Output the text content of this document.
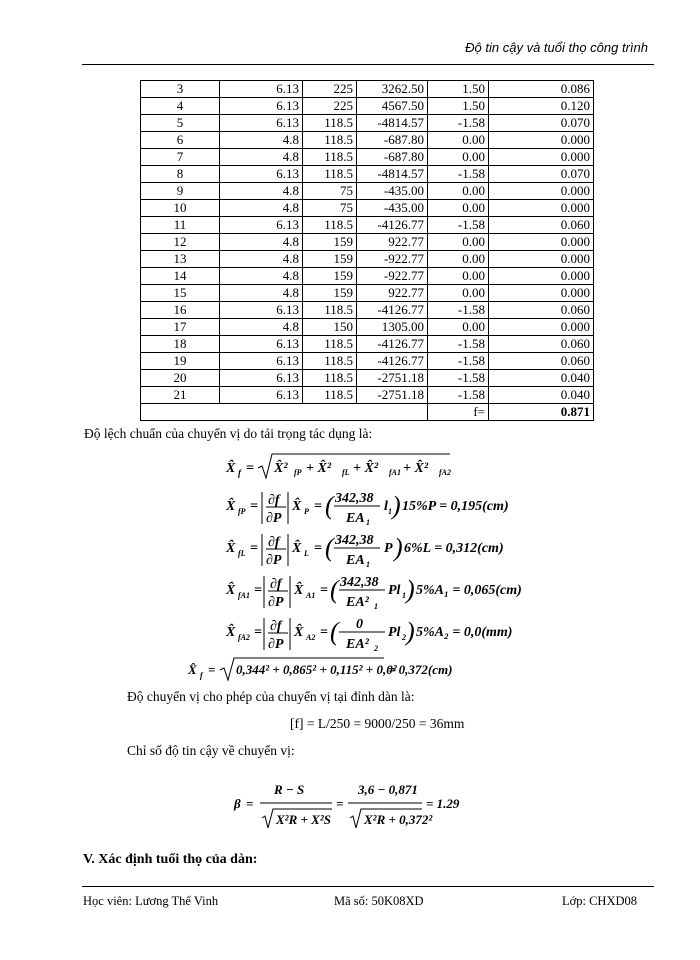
Độ tin cậy và tuổi thọ công trình
3	6.13	225	3262.50	1.50	0.086
4	6.13	225	4567.50	1.50	0.120
5	6.13	118.5	-4814.57	-1.58	0.070
6	4.8	118.5	-687.80	0.00	0.000
7	4.8	118.5	-687.80	0.00	0.000
8	6.13	118.5	-4814.57	-1.58	0.070
9	4.8	75	-435.00	0.00	0.000
10	4.8	75	-435.00	0.00	0.000
11	6.13	118.5	-4126.77	-1.58	0.060
12	4.8	159	922.77	0.00	0.000
13	4.8	159	-922.77	0.00	0.000
14	4.8	159	-922.77	0.00	0.000
15	4.8	159	922.77	0.00	0.000
16	6.13	118.5	-4126.77	-1.58	0.060
17	4.8	150	1305.00	0.00	0.000
18	6.13	118.5	-4126.77	-1.58	0.060
19	6.13	118.5	-4126.77	-1.58	0.060
20	6.13	118.5	-2751.18	-1.58	0.040
21	6.13	118.5	-2751.18	-1.58	0.040
				f=	0.871
Độ lệch chuẩn của chuyển vị do tải trọng tác dụng là:
X̂ f = X̂² fP + X̂² fL + X̂² fA1 + X̂² fA2
X̂ fP = ∂f
∂P
X̂ P = ( 342,38
EA 1
l 1 ) 15%P = 0,195(cm)
X̂ fL = ∂f
∂P
X̂ L = ( 342,38
EA 1
P ) 6%L = 0,312(cm)
X̂ fA1 = ∂f
∂P
X̂ A1 = ( 342,38
EA² 1
Pl 1 ) 5%A₁ = 0,065(cm)
X̂ fA2 = ∂f
∂P
X̂ A2 = ( 0
EA² 2
Pl 2 ) 5%A₂ = 0,0(mm)
X̂ f = 0,344² + 0,865² + 0,115² + 0,0²
= 0,372(cm)
Độ chuyển vị cho phép của chuyển vị tại đỉnh dàn là:
[f] = L/250 = 9000/250 = 36mm
Chỉ số độ tin cậy về chuyển vị:
β =
R − S
X²R + X²S
=
3,6 − 0,871
X²R + 0,372²
= 1.29
V. Xác định tuổi thọ của dàn:
Học viên: Lương Thế Vinh	Mã số: 50K08XD	Lớp: CHXD08
